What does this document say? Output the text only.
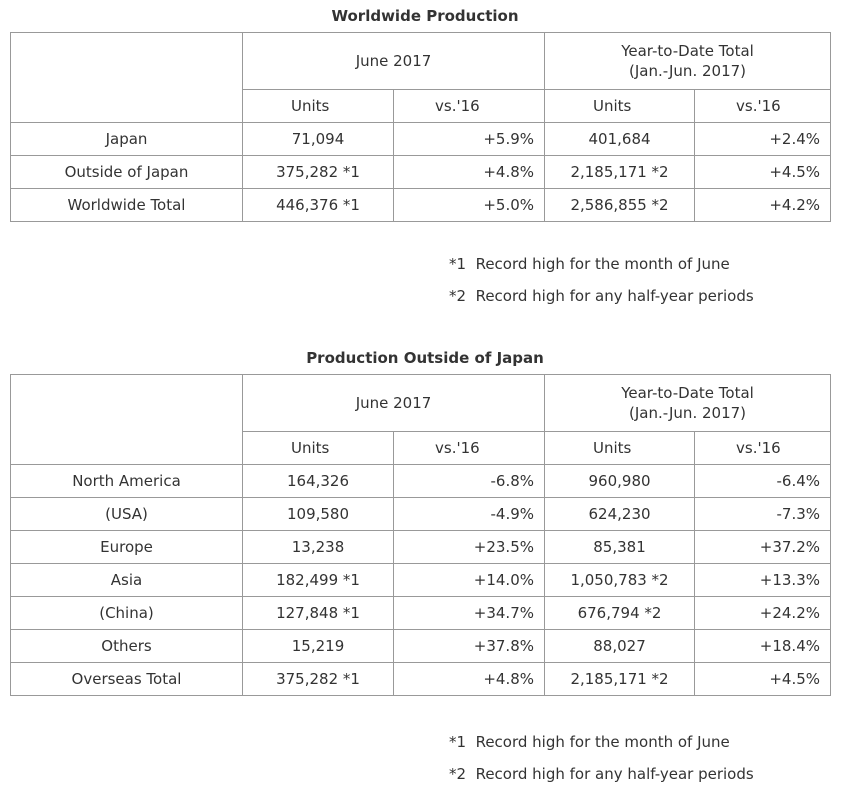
Worldwide Production
	June 2017		Year-to-Date Total
(Jan.-Jun. 2017)	

	Units	vs.'16	Units	vs.'16
Japan	71,094	+5.9%	401,684	+2.4%
Outside of Japan	375,282 *1	+4.8%	2,185,171 *2	+4.5%
Worldwide Total	446,376 *1	+5.0%	2,586,855 *2	+4.2%
*1  Record high for the month of June
*2  Record high for any half-year periods
Production Outside of Japan
	June 2017		Year-to-Date Total
(Jan.-Jun. 2017)	

	Units	vs.'16	Units	vs.'16
North America	164,326	-6.8%	960,980	-6.4%
(USA)	109,580	-4.9%	624,230	-7.3%
Europe	13,238	+23.5%	85,381	+37.2%
Asia	182,499 *1	+14.0%	1,050,783 *2	+13.3%
(China)	127,848 *1	+34.7%	676,794 *2	+24.2%
Others	15,219	+37.8%	88,027	+18.4%
Overseas Total	375,282 *1	+4.8%	2,185,171 *2	+4.5%
*1  Record high for the month of June
*2  Record high for any half-year periods
